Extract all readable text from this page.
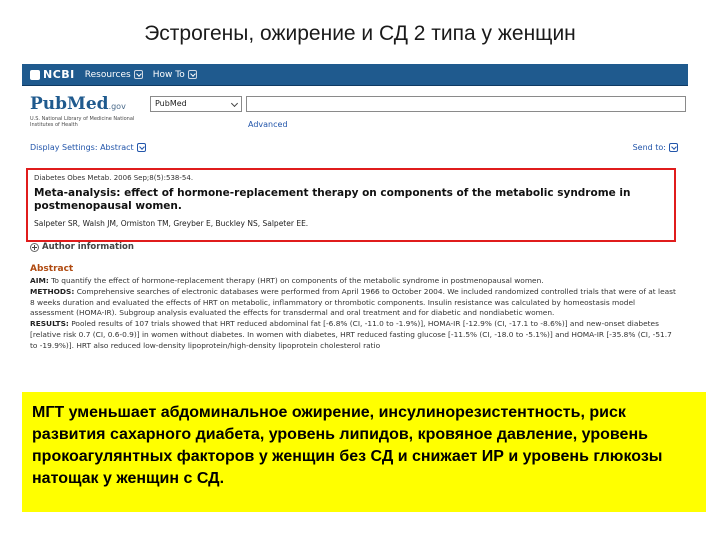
Эстрогены, ожирение и СД 2 типа у женщин
NCBI Resources How To
PubMed.gov
U.S. National Library of Medicine National Institutes of Health
PubMed
Advanced
Display Settings: Abstract	Send to:
Diabetes Obes Metab. 2006 Sep;8(5):538-54.
Meta-analysis: effect of hormone-replacement therapy on components of the metabolic syndrome in postmenopausal women.
Salpeter SR, Walsh JM, Ormiston TM, Greyber E, Buckley NS, Salpeter EE.
Author information
Abstract

AIM: To quantify the effect of hormone-replacement therapy (HRT) on components of the metabolic syndrome in postmenopausal women.

METHODS: Comprehensive searches of electronic databases were performed from April 1966 to October 2004. We included randomized controlled trials that were of at least 8 weeks duration and evaluated the effects of HRT on metabolic, inflammatory or thrombotic components. Insulin resistance was calculated by homeostasis model assessment (HOMA-IR). Subgroup analysis evaluated the effects for transdermal and oral treatment and for diabetic and nondiabetic women.

RESULTS: Pooled results of 107 trials showed that HRT reduced abdominal fat [-6.8% (CI, -11.0 to -1.9%)], HOMA-IR [-12.9% (CI, -17.1 to -8.6%)] and new-onset diabetes [relative risk 0.7 (CI, 0.6-0.9)] in women without diabetes. In women with diabetes, HRT reduced fasting glucose [-11.5% (CI, -18.0 to -5.1%)] and HOMA-IR [-35.8% (CI, -51.7 to -19.9%)]. HRT also reduced low-density lipoprotein/high-density lipoprotein cholesterol ratio

МГТ уменьшает абдоминальное ожирение, инсулинорезистентность, риск развития сахарного диабета, уровень липидов, кровяное давление, уровень прокоагулянтных факторов у женщин без СД и снижает ИР и уровень глюкозы натощак у женщин с СД.
